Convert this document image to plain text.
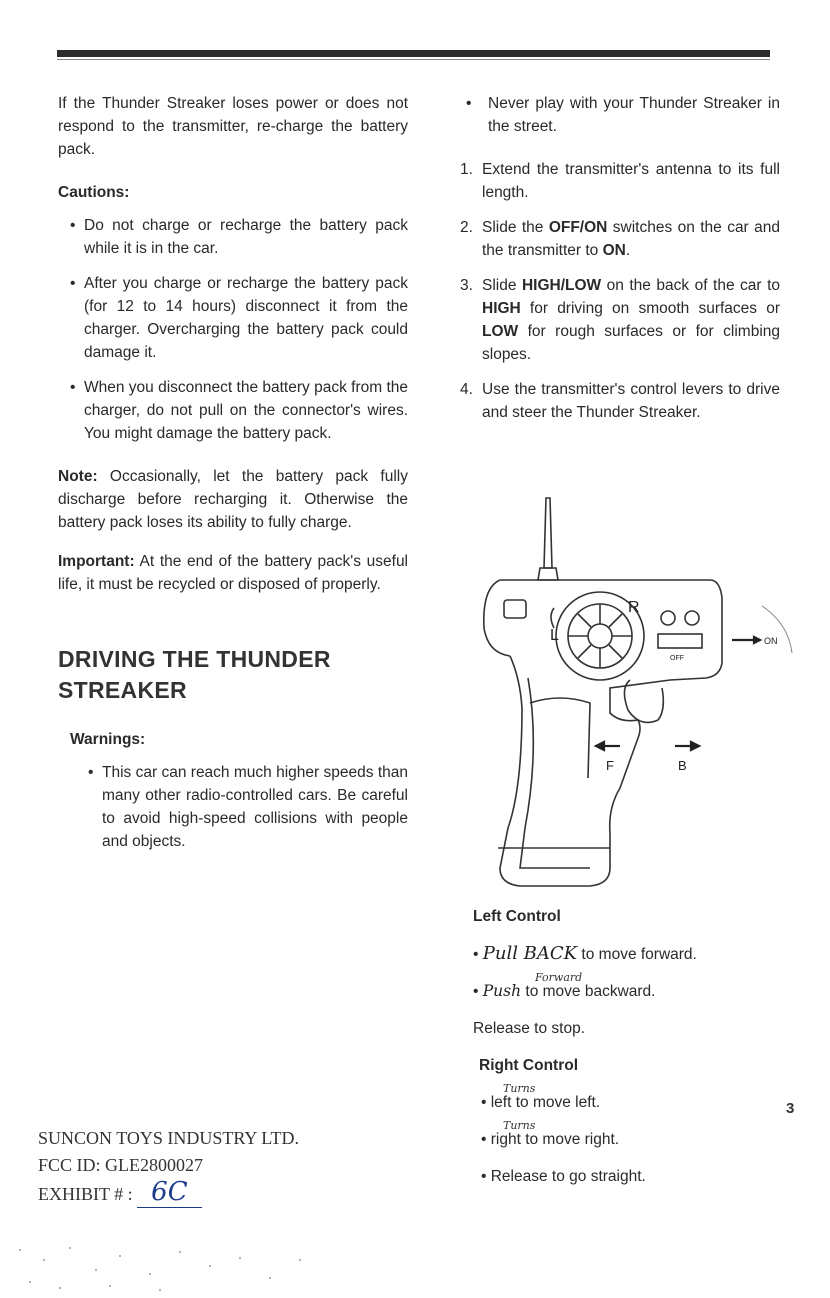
If the Thunder Streaker loses power or does not respond to the transmitter, re-charge the battery pack.

Cautions:

• Do not charge or recharge the battery pack while it is in the car.
• After you charge or recharge the battery pack (for 12 to 14 hours) disconnect it from the charger. Overcharging the battery pack could damage it.
• When you disconnect the battery pack from the charger, do not pull on the connector's wires. You might damage the battery pack.

Note: Occasionally, let the battery pack fully discharge before recharging it. Otherwise the battery pack loses its ability to fully charge.

Important: At the end of the battery pack's useful life, it must be recycled or disposed of properly.

DRIVING THE THUNDER
STREAKER

Warnings:

• This car can reach much higher speeds than many other radio-controlled cars. Be careful to avoid high-speed collisions with people and objects.
•	Never play with your Thunder Streaker in the street.
1. Extend the transmitter's antenna to its full length.
2. Slide the OFF/ON switches on the car and the transmitter to ON.
3. Slide HIGH/LOW on the back of the car to HIGH for driving on smooth surfaces or LOW for rough surfaces or for climbing slopes.
4. Use the transmitter's control levers to drive and steer the Thunder Streaker.
L
R
ON
OFF
F	B

Left Control

• Pull BACK to move forward.
Forward
• Push to move backward.

Release to stop.

Right Control

Turns
• left to move left.
Turns
• right to move right.
• Release to go straight.
3
SUNCON TOYS INDUSTRY LTD.
FCC ID: GLE2800027
EXHIBIT # : 6C
